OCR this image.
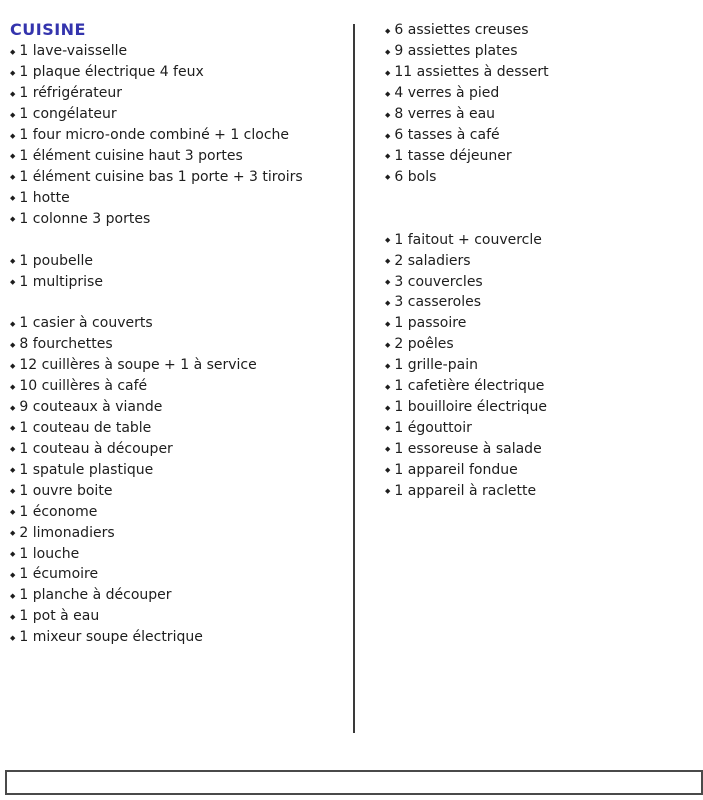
CUISINE
◆ 1 lave-vaisselle
◆ 1 plaque électrique 4 feux
◆ 1 réfrigérateur
◆ 1 congélateur
◆ 1 four micro-onde combiné + 1 cloche
◆ 1 élément cuisine haut 3 portes
◆ 1 élément cuisine bas 1 porte + 3 tiroirs
◆ 1 hotte
◆ 1 colonne 3 portes
◆ 1 poubelle
◆ 1 multiprise
◆ 1 casier à couverts
◆ 8 fourchettes
◆ 12 cuillères à soupe + 1 à service
◆ 10 cuillères à café
◆ 9 couteaux à viande
◆ 1 couteau de table
◆ 1 couteau à découper
◆ 1 spatule plastique
◆ 1 ouvre boite
◆ 1 économe
◆ 2 limonadiers
◆ 1 louche
◆ 1 écumoire
◆ 1 planche à découper
◆ 1 pot à eau
◆ 1 mixeur soupe électrique
◆ 6 assiettes creuses
◆ 9 assiettes plates
◆ 11 assiettes à dessert
◆ 4 verres à pied
◆ 8 verres à eau
◆ 6 tasses à café
◆ 1 tasse déjeuner
◆ 6 bols
◆ 1 faitout + couvercle
◆ 2 saladiers
◆ 3 couvercles
◆ 3 casseroles
◆ 1 passoire
◆ 2 poêles
◆ 1 grille-pain
◆ 1 cafetière électrique
◆ 1 bouilloire électrique
◆ 1 égouttoir
◆ 1 essoreuse à salade
◆ 1 appareil fondue
◆ 1 appareil à raclette
